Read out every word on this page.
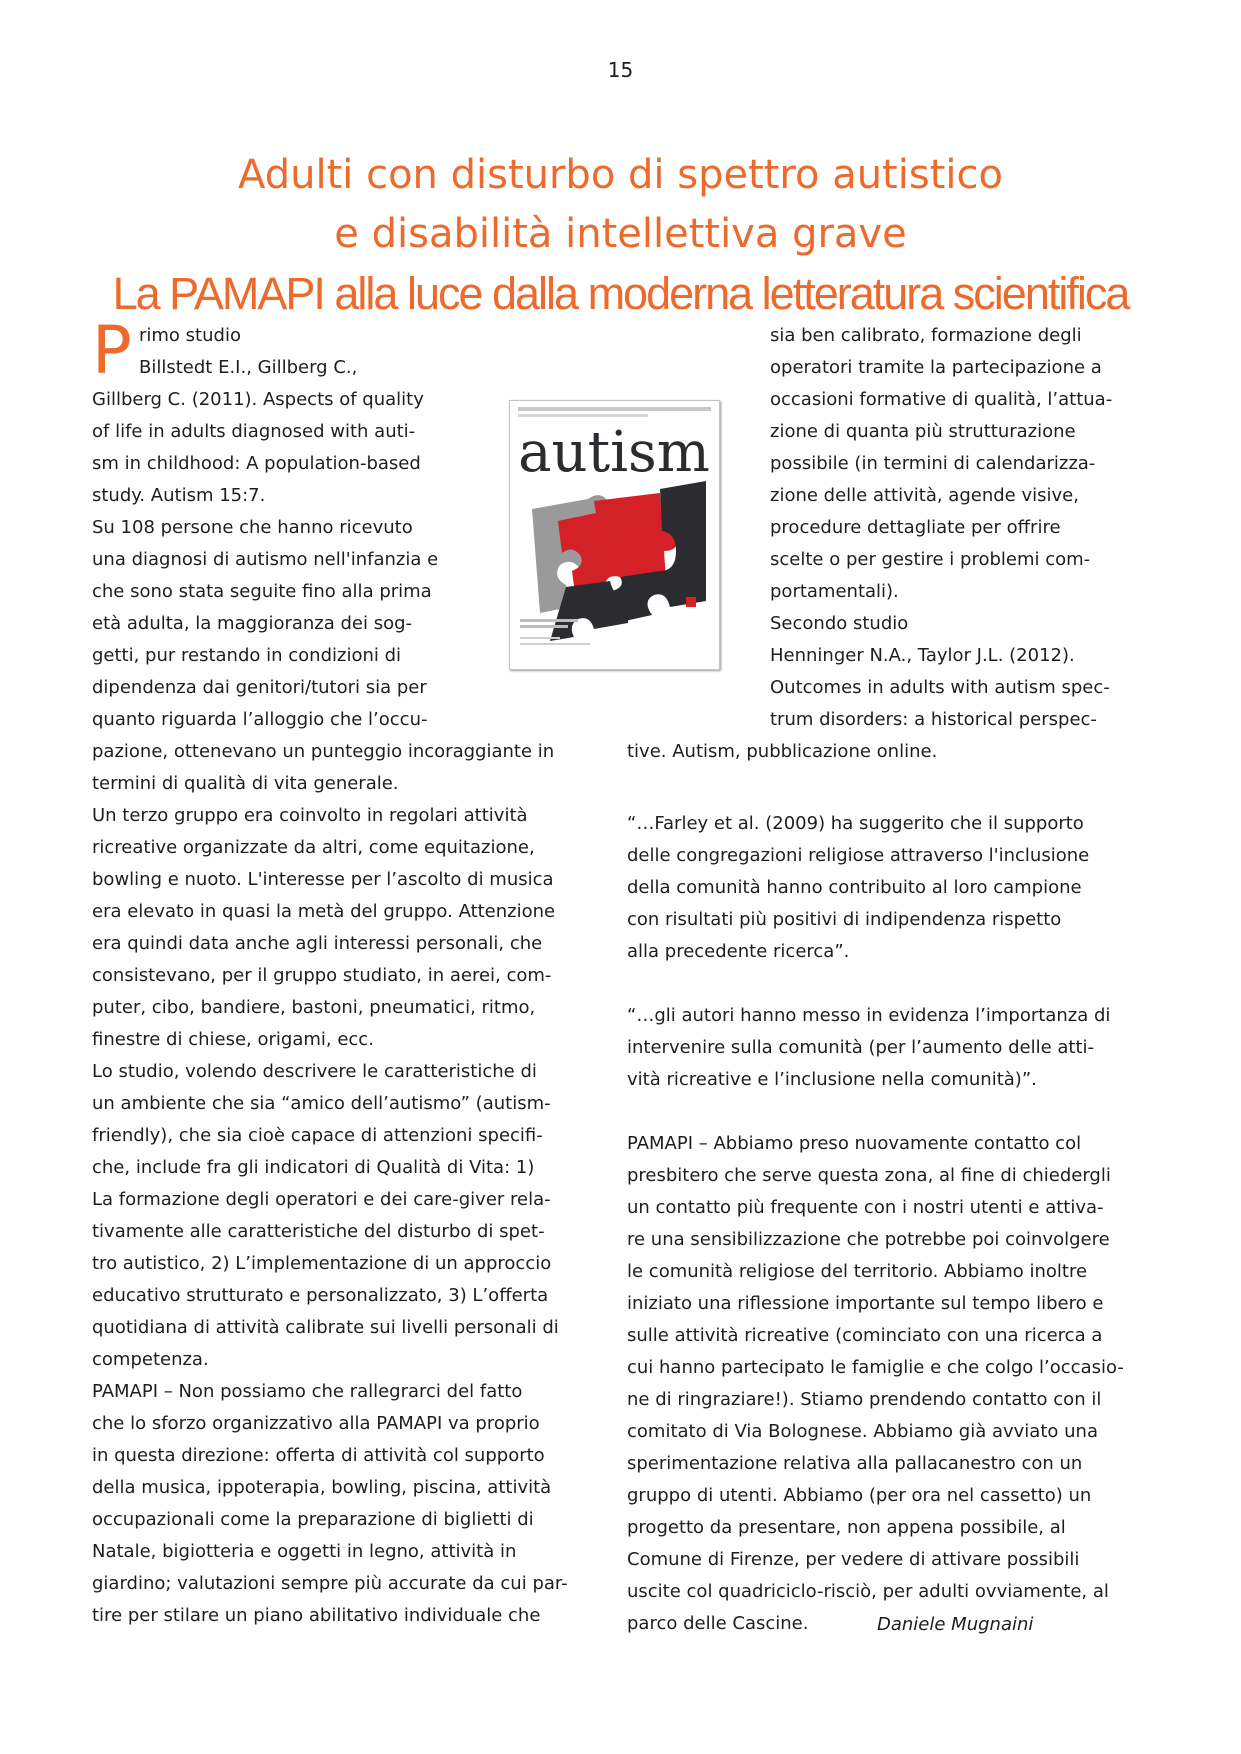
15
Adulti con disturbo di spettro autistico
e disabilità intellettiva grave
La PAMAPI alla luce dalla moderna letteratura scientifica
P rimo studio
Billstedt E.I., Gillberg C.,
Gillberg C. (2011). Aspects of quality
of life in adults diagnosed with auti-
sm in childhood: A population-based
study. Autism 15:7.
Su 108 persone che hanno ricevuto
una diagnosi di autismo nell'infanzia e
che sono stata seguite fino alla prima
età adulta, la maggioranza dei sog-
getti, pur restando in condizioni di
dipendenza dai genitori/tutori sia per
quanto riguarda l’alloggio che l’occu-
pazione, ottenevano un punteggio incoraggiante in
termini di qualità di vita generale.
Un terzo gruppo era coinvolto in regolari attività
ricreative organizzate da altri, come equitazione,
bowling e nuoto. L'interesse per l’ascolto di musica
era elevato in quasi la metà del gruppo. Attenzione
era quindi data anche agli interessi personali, che
consistevano, per il gruppo studiato, in aerei, com-
puter, cibo, bandiere, bastoni, pneumatici, ritmo,
finestre di chiese, origami, ecc.
Lo studio, volendo descrivere le caratteristiche di
un ambiente che sia “amico dell’autismo” (autism-
friendly), che sia cioè capace di attenzioni specifi-
che, include fra gli indicatori di Qualità di Vita: 1)
La formazione degli operatori e dei care-giver rela-
tivamente alle caratteristiche del disturbo di spet-
tro autistico, 2) L’implementazione di un approccio
educativo strutturato e personalizzato, 3) L’offerta
quotidiana di attività calibrate sui livelli personali di
competenza.
PAMAPI – Non possiamo che rallegrarci del fatto
che lo sforzo organizzativo alla PAMAPI va proprio
in questa direzione: offerta di attività col supporto
della musica, ippoterapia, bowling, piscina, attività
occupazionali come la preparazione di biglietti di
Natale, bigiotteria e oggetti in legno, attività in
giardino; valutazioni sempre più accurate da cui par-
tire per stilare un piano abilitativo individuale che
sia ben calibrato, formazione degli
operatori tramite la partecipazione a
occasioni formative di qualità, l’attua-
zione di quanta più strutturazione
possibile (in termini di calendarizza-
zione delle attività, agende visive,
procedure dettagliate per offrire
scelte o per gestire i problemi com-
portamentali).
Secondo studio
Henninger N.A., Taylor J.L. (2012).
Outcomes in adults with autism spec-
trum disorders: a historical perspec-
tive. Autism, pubblicazione online.
“…Farley et al. (2009) ha suggerito che il supporto
delle congregazioni religiose attraverso l'inclusione
della comunità hanno contribuito al loro campione
con risultati più positivi di indipendenza rispetto
alla precedente ricerca”.
“…gli autori hanno messo in evidenza l’importanza di
intervenire sulla comunità (per l’aumento delle atti-
vità ricreative e l’inclusione nella comunità)”.
PAMAPI – Abbiamo preso nuovamente contatto col
presbitero che serve questa zona, al fine di chiedergli
un contatto più frequente con i nostri utenti e attiva-
re una sensibilizzazione che potrebbe poi coinvolgere
le comunità religiose del territorio. Abbiamo inoltre
iniziato una riflessione importante sul tempo libero e
sulle attività ricreative (cominciato con una ricerca a
cui hanno partecipato le famiglie e che colgo l’occasio-
ne di ringraziare!). Stiamo prendendo contatto con il
comitato di Via Bolognese. Abbiamo già avviato una
sperimentazione relativa alla pallacanestro con un
gruppo di utenti. Abbiamo (per ora nel cassetto) un
progetto da presentare, non appena possibile, al
Comune di Firenze, per vedere di attivare possibili
uscite col quadriciclo-risciò, per adulti ovviamente, al
parco delle Cascine.
autism
Daniele Mugnaini
